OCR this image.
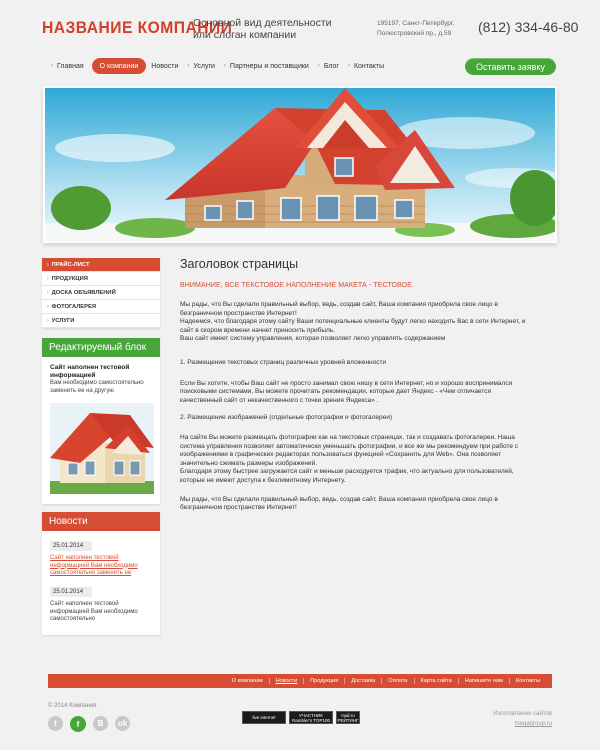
НАЗВАНИЕ КОМПАНИИ
Основной вид деятельности
или слоган компании
195197, Санкт-Петербург,
Полюстровский пр., д.59 (812) 334-46-80
› Главная О компании Новости › Услуги › Партнеры и поставщики › Блог › Контакты	Оставить заявку
› ПРАЙС-ЛИСТ
› ПРОДУКЦИЯ
› ДОСКА ОБЪЯВЛЕНИЙ
› ФОТОГАЛЕРЕЯ
› УСЛУГИ
Редактируемый блок
Сайт наполнен тестовой информацией
Вам необходимо самостоятельно заменить ее на другую
Новости
25.01.2014
Сайт наполнен тестовой информацией Вам необходимо самостоятельно заменить ее
25.01.2014
Сайт наполнен тестовой информацией Вам необходимо самостоятельно
Заголовок страницы
ВНИМАНИЕ, ВСЕ ТЕКСТОВОЕ НАПОЛНЕНИЕ МАКЕТА - ТЕСТОВОЕ.
Мы рады, что Вы сделали правильный выбор, ведь, создав сайт, Ваша компания приобрела свое лицо в
безграничном пространстве Интернет!
Надеемся, что благодаря этому сайту Ваши потенциальные клиенты будут легко находить Вас в сети Интернет, и
сайт в скором времени начнет приносить прибыль.
Ваш сайт имеет систему управления, которая позволяет легко управлять содержанием
1. Размещение текстовых страниц различных уровней вложенности
Если Вы хотите, чтобы Ваш сайт не просто занимал свою нишу в сети Интернет, но и хорошо воспринимался
поисковыми системами, Вы можете прочитать рекомендации, которые дает Яндекс - «Чем отличается
качественный сайт от некачественного с точки зрения Яндекса» .
2. Размещение изображений (отдельные фотографии и фотогалереи)
На сайте Вы можете размещать фотографии как на текстовых страницах, так и создавать фотогалереи. Наша
система управления позволяет автоматически уменьшать фотографии, и все же мы рекомендуем при работе с
изображениями в графических редакторах пользоваться функцией «Сохранить для Web». Она позволяет
значительно сжимать размеры изображений.
Благодаря этому быстрее загружается сайт и меньше расходуется трафик, что актуально для пользователей,
которые не имеют доступа к безлимитному Интернету.
Мы рады, что Вы сделали правильный выбор, ведь, создав сайт, Ваша компания приобрела свое лицо в
безграничном пространстве Интернет!
О компании	Новости	Продукция	Доставка	Оплата	Карта сайта	Напишите нам	Контакты
© 2014 Компания
t	f	В	ok
live internet	УЧАСТНИК Rambler's TOP100
mail.ru РЕЙТИНГ
Изготовление сайтов
megagroup.ru
